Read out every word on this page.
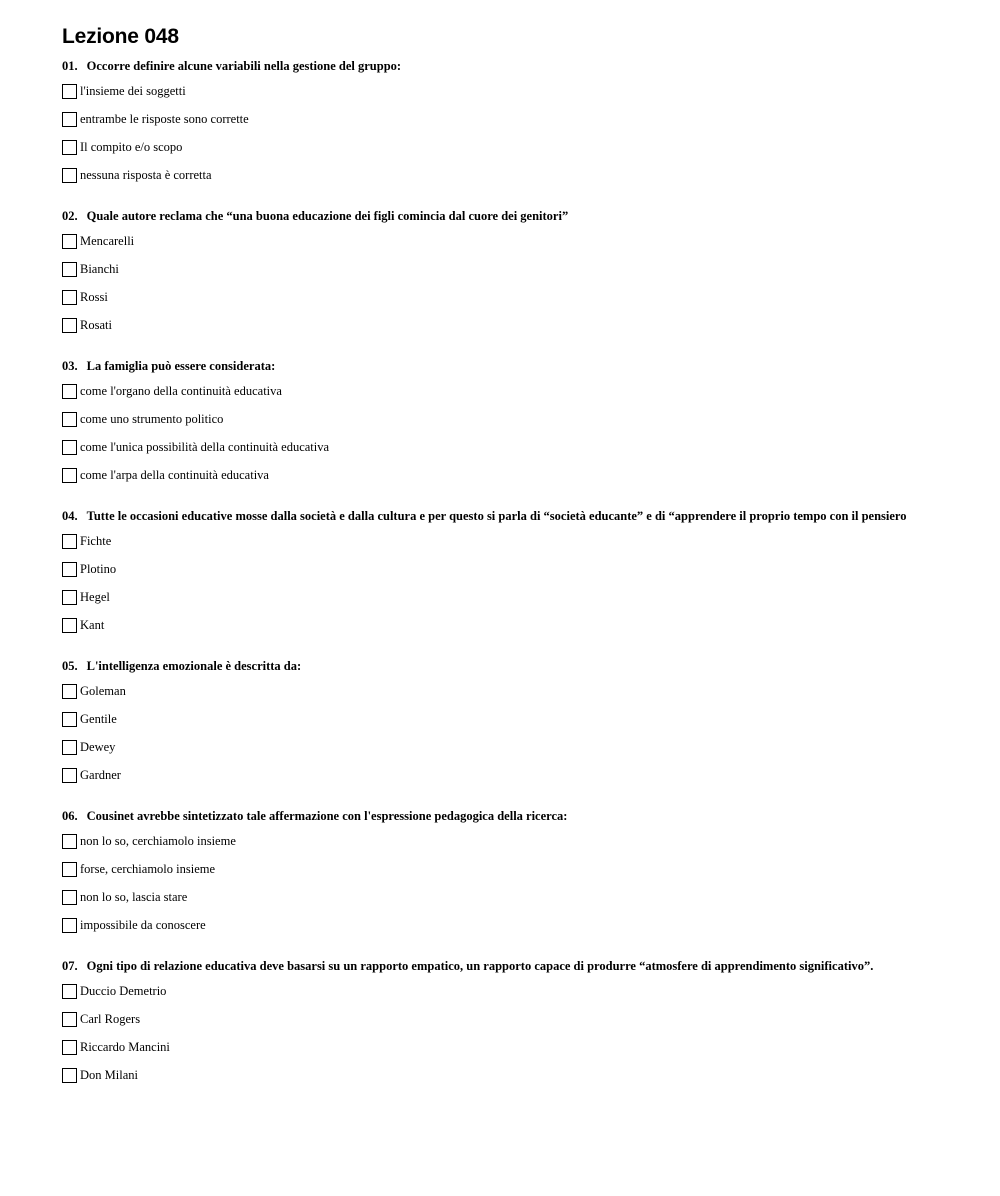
Lezione 048
01. Occorre definire alcune variabili nella gestione del gruppo:
l'insieme dei soggetti
entrambe le risposte sono corrette
Il compito e/o scopo
nessuna risposta è corretta
02. Quale autore reclama che “una buona educazione dei figli comincia dal cuore dei genitori”
Mencarelli
Bianchi
Rossi
Rosati
03. La famiglia può essere considerata:
come l'organo della continuità educativa
come uno strumento politico
come l'unica possibilità della continuità educativa
come l'arpa della continuità educativa
04. Tutte le occasioni educative mosse dalla società e dalla cultura e per questo si parla di “società educante” e di “apprendere il proprio tempo con il pensiero
Fichte
Plotino
Hegel
Kant
05. L'intelligenza emozionale è descritta da:
Goleman
Gentile
Dewey
Gardner
06. Cousinet avrebbe sintetizzato tale affermazione con l'espressione pedagogica della ricerca:
non lo so, cerchiamolo insieme
forse, cerchiamolo insieme
non lo so, lascia stare
impossibile da conoscere
07. Ogni tipo di relazione educativa deve basarsi su un rapporto empatico, un rapporto capace di produrre “atmosfere di apprendimento significativo”.
Duccio Demetrio
Carl Rogers
Riccardo Mancini
Don Milani
